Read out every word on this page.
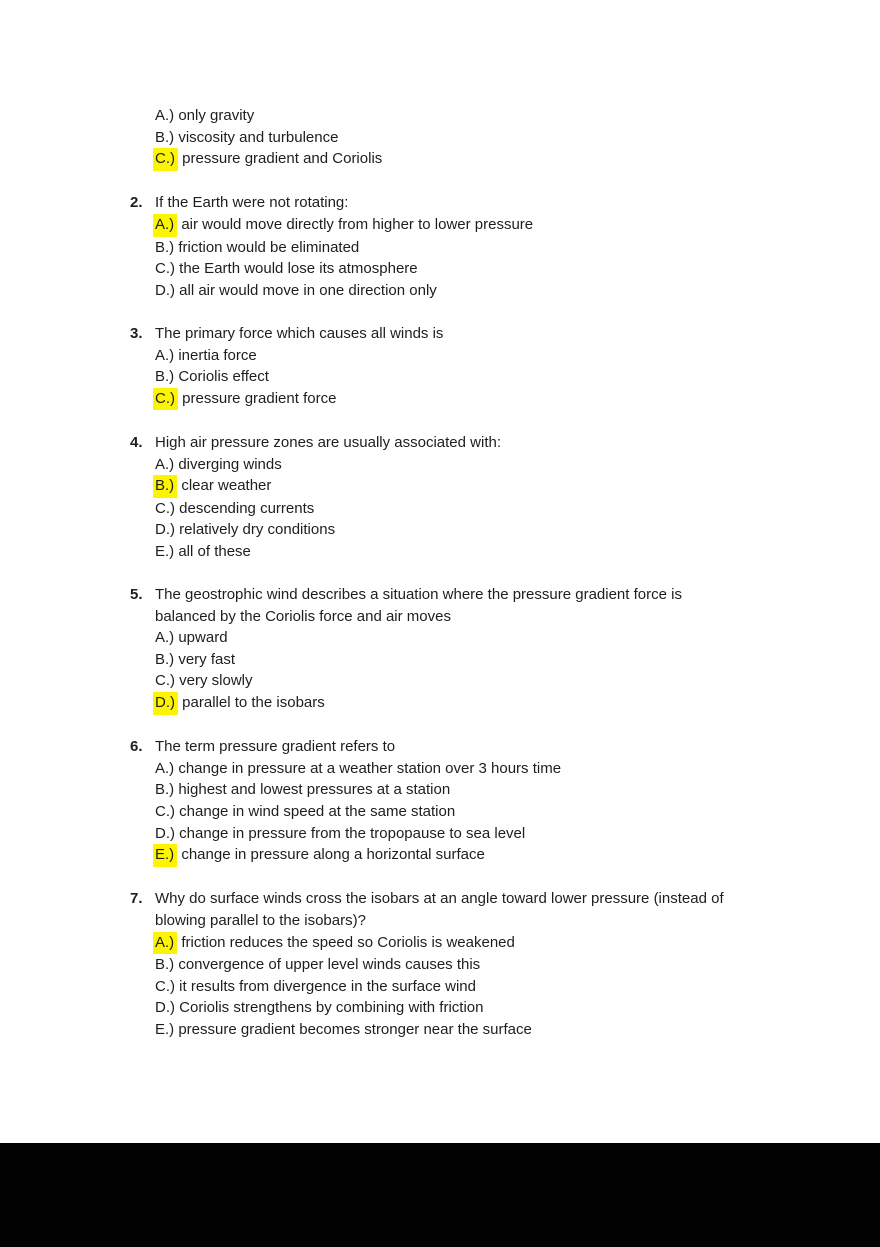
A.) only gravity
B.) viscosity and turbulence
C.) pressure gradient and Coriolis
2. If the Earth were not rotating:
A.) air would move directly from higher to lower pressure
B.) friction would be eliminated
C.) the Earth would lose its atmosphere
D.) all air would move in one direction only
3. The primary force which causes all winds is
A.) inertia force
B.) Coriolis effect
C.) pressure gradient force
4. High air pressure zones are usually associated with:
A.) diverging winds
B.) clear weather
C.) descending currents
D.) relatively dry conditions
E.) all of these
5. The geostrophic wind describes a situation where the pressure gradient force is
balanced by the Coriolis force and air moves
A.) upward
B.) very fast
C.) very slowly
D.) parallel to the isobars
6. The term pressure gradient refers to
A.) change in pressure at a weather station over 3 hours time
B.) highest and lowest pressures at a station
C.) change in wind speed at the same station
D.) change in pressure from the tropopause to sea level
E.) change in pressure along a horizontal surface
7. Why do surface winds cross the isobars at an angle toward lower pressure (instead of
blowing parallel to the isobars)?
A.) friction reduces the speed so Coriolis is weakened
B.) convergence of upper level winds causes this
C.) it results from divergence in the surface wind
D.) Coriolis strengthens by combining with friction
E.) pressure gradient becomes stronger near the surface
